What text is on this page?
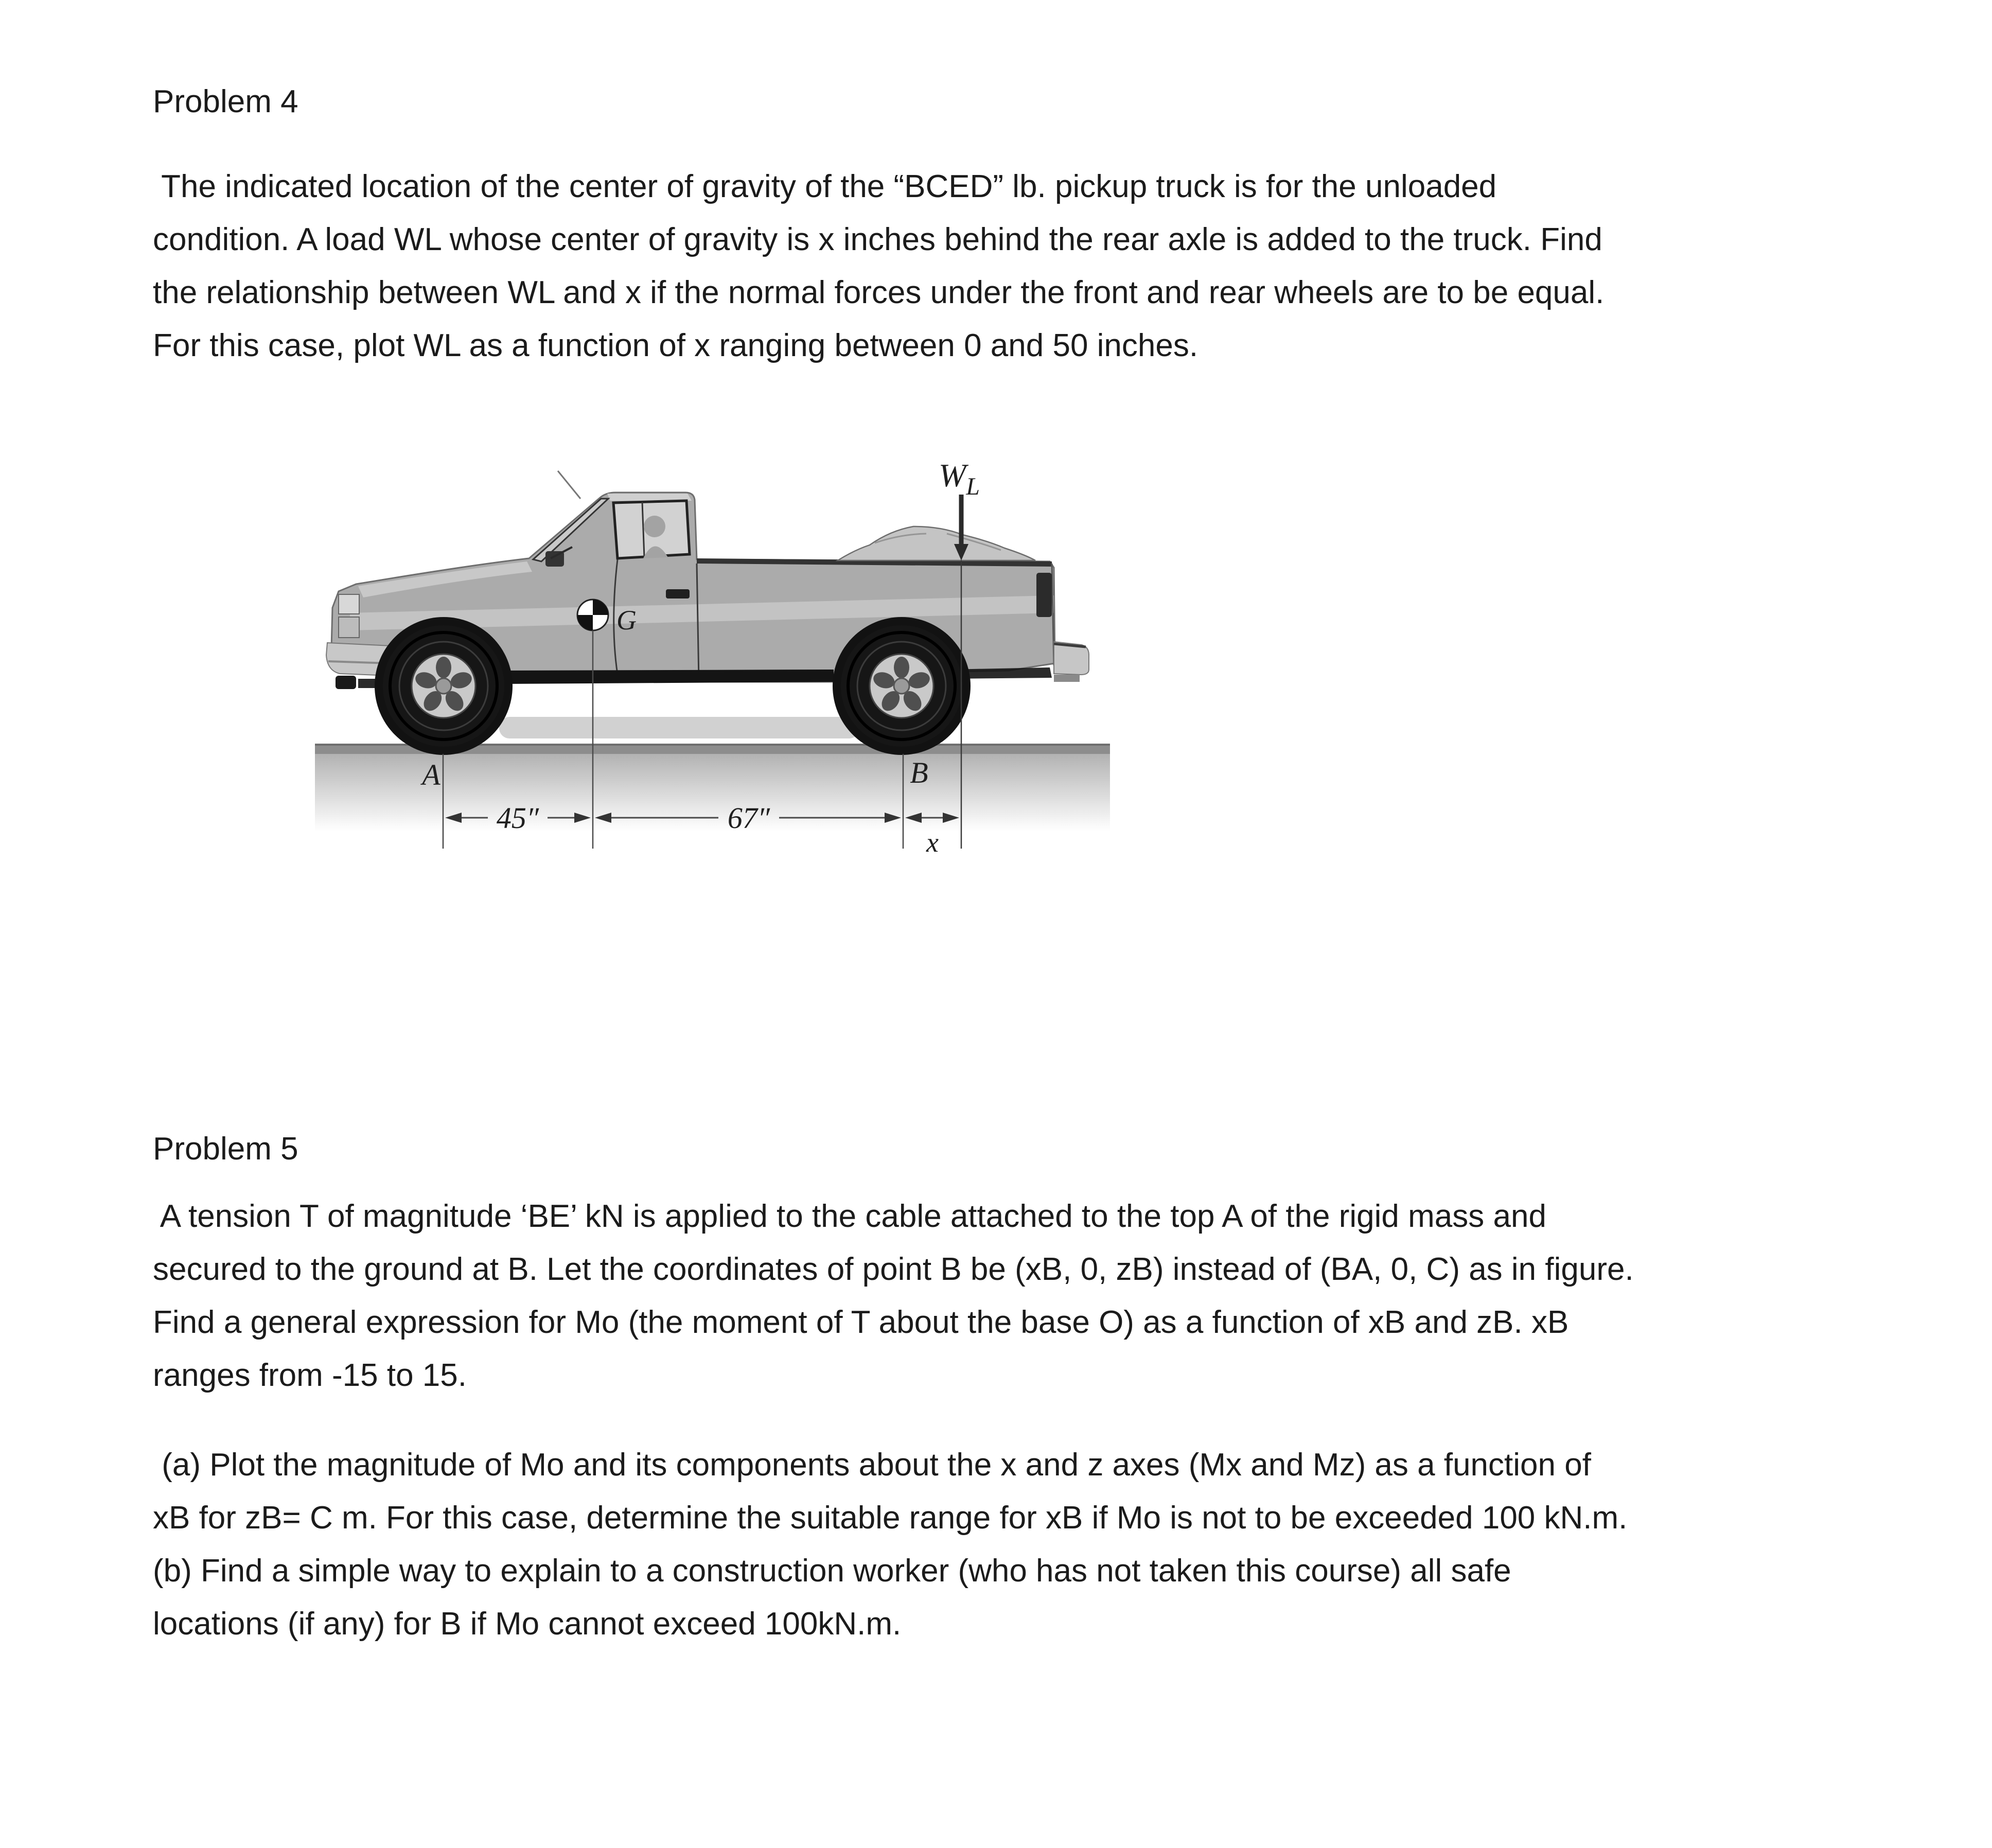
Problem 4
The indicated location of the center of gravity of the “BCED” lb. pickup truck is for the unloaded
condition. A load WL whose center of gravity is x inches behind the rear axle is added to the truck. Find
the relationship between WL and x if the normal forces under the front and rear wheels are to be equal.
For this case, plot WL as a function of x ranging between 0 and 50 inches.
G
$W_L$
45″	67″
x
A	B
Problem 5
A tension T of magnitude ‘BE’ kN is applied to the cable attached to the top A of the rigid mass and
secured to the ground at B. Let the coordinates of point B be (xB, 0, zB) instead of (BA, 0, C) as in figure.
Find a general expression for Mo (the moment of T about the base O) as a function of xB and zB. xB
ranges from -15 to 15.
(a) Plot the magnitude of Mo and its components about the x and z axes (Mx and Mz) as a function of
xB for zB= C m. For this case, determine the suitable range for xB if Mo is not to be exceeded 100 kN.m.
(b) Find a simple way to explain to a construction worker (who has not taken this course) all safe
locations (if any) for B if Mo cannot exceed 100kN.m.
